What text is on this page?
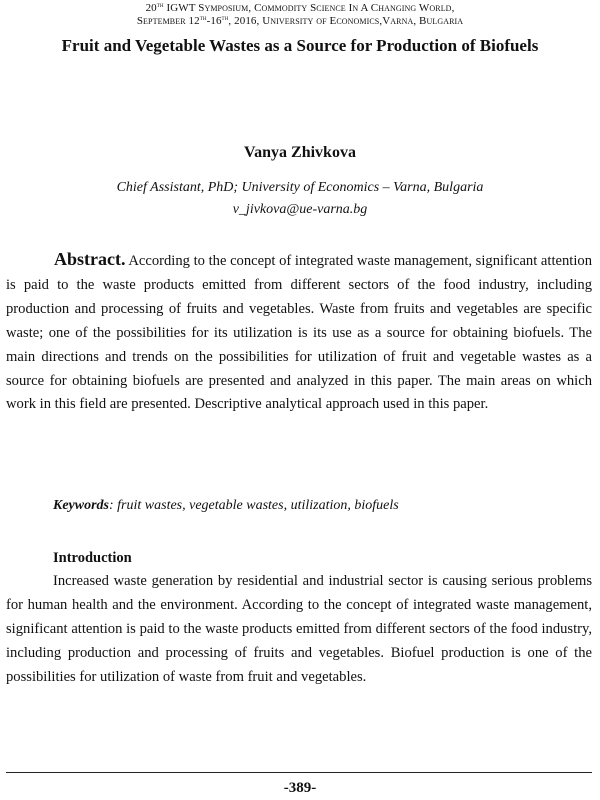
20th IGWT Symposium, Commodity Science In A Changing World,
September 12th-16th, 2016, University of Economics,Varna, Bulgaria
Fruit and Vegetable Wastes as a Source for Production of Biofuels
Vanya Zhivkova
Chief Assistant, PhD; University of Economics – Varna, Bulgaria
v_jivkova@ue-varna.bg

Abstract. According to the concept of integrated waste management, significant attention is paid to the waste products emitted from different sectors of the food industry, including production and processing of fruits and vegetables. Waste from fruits and vegetables are specific waste; one of the possibilities for its utilization is its use as a source for obtaining biofuels. The main directions and trends on the possibilities for utilization of fruit and vegetable wastes as a source for obtaining biofuels are presented and analyzed in this paper. The main areas on which work in this field are presented. Descriptive analytical approach used in this paper.

Keywords: fruit wastes, vegetable wastes, utilization, biofuels
Introduction

Increased waste generation by residential and industrial sector is causing serious problems for human health and the environment. According to the concept of integrated waste management, significant attention is paid to the waste products emitted from different sectors of the food industry, including production and processing of fruits and vegetables. Biofuel production is one of the possibilities for utilization of waste from fruit and vegetables.

-389-
